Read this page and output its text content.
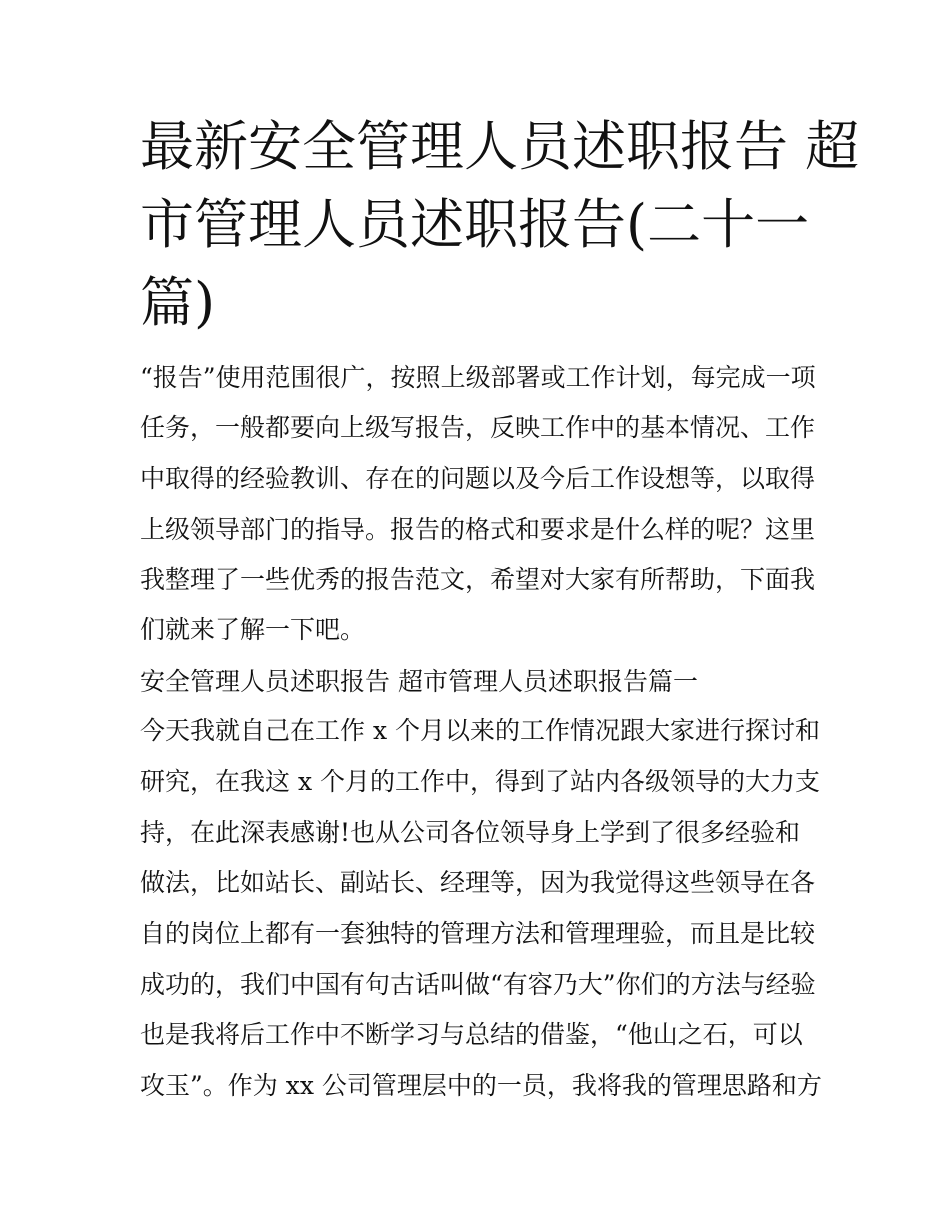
最新安全管理人员述职报告 超
市管理人员述职报告(二十一
篇)
“报告”使用范围很广，按照上级部署或工作计划，每完成一项
任务，一般都要向上级写报告，反映工作中的基本情况、工作
中取得的经验教训、存在的问题以及今后工作设想等，以取得
上级领导部门的指导。报告的格式和要求是什么样的呢？这里
我整理了一些优秀的报告范文，希望对大家有所帮助，下面我
们就来了解一下吧。
安全管理人员述职报告 超市管理人员述职报告篇一
今天我就自己在工作 x 个月以来的工作情况跟大家进行探讨和
研究，在我这 x 个月的工作中，得到了站内各级领导的大力支
持，在此深表感谢!也从公司各位领导身上学到了很多经验和
做法，比如站长、副站长、经理等，因为我觉得这些领导在各
自的岗位上都有一套独特的管理方法和管理理验，而且是比较
成功的，我们中国有句古话叫做“有容乃大”你们的方法与经验
也是我将后工作中不断学习与总结的借鉴，“他山之石，可以
攻玉”。作为 xx 公司管理层中的一员，我将我的管理思路和方
